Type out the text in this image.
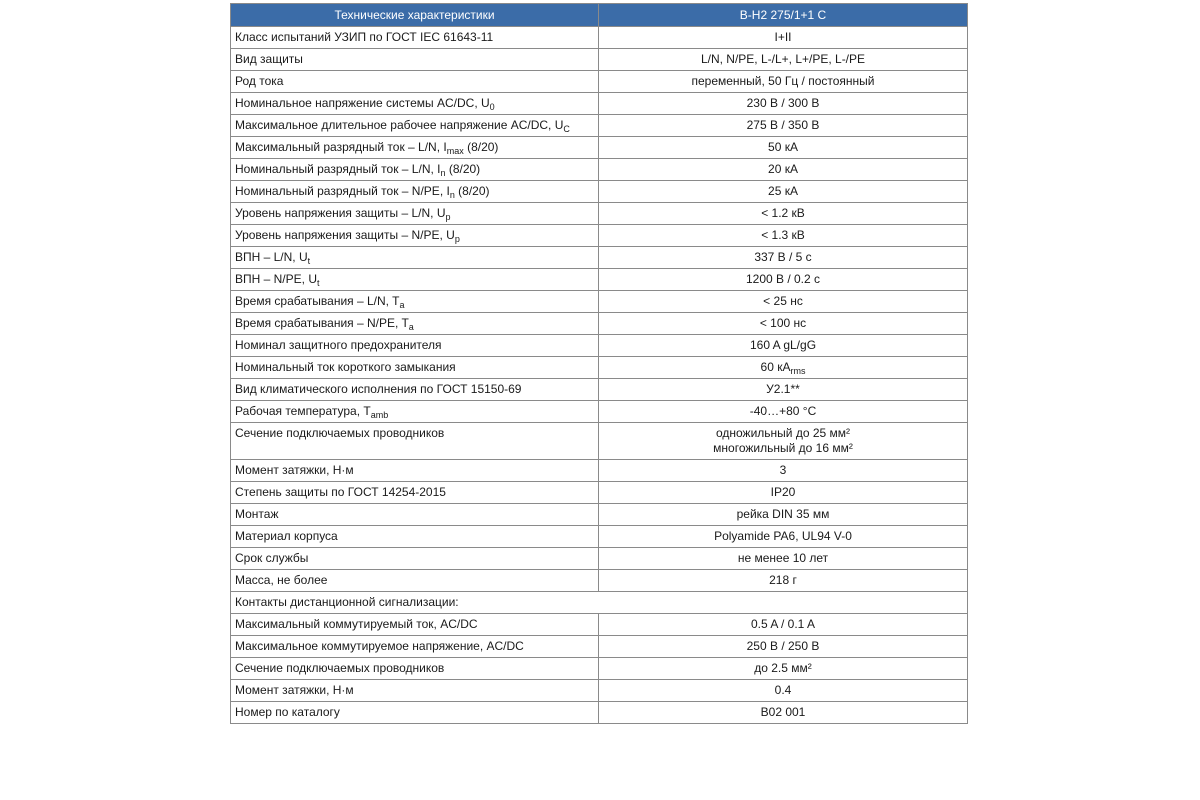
Технические характеристики	B-H2 275/1+1 C
Класс испытаний УЗИП по ГОСТ IEC 61643-11	I+II
Вид защиты	L/N, N/PE, L-/L+, L+/PE, L-/PE
Род тока	переменный, 50 Гц / постоянный
Номинальное напряжение системы AC/DC, $U_0$	230 В / 300 В
Максимальное длительное рабочее напряжение AC/DC, $U_C$	275 В / 350 В
Максимальный разрядный ток – L/N, $I_{max}$ (8/20)	50 кА
Номинальный разрядный ток – L/N, $I_n$ (8/20)	20 кА
Номинальный разрядный ток – N/PE, $I_n$ (8/20)	25 кА
Уровень напряжения защиты – L/N, $U_p$	< 1.2 кВ
Уровень напряжения защиты – N/PE, $U_p$	< 1.3 кВ
ВПН – L/N, $U_t$	337 В / 5 с
ВПН – N/PE, $U_t$	1200 В / 0.2 с
Время срабатывания – L/N, $T_a$	< 25 нс
Время срабатывания – N/PE, $T_a$	< 100 нс
Номинал защитного предохранителя	160 A gL/gG
Номинальный ток короткого замыкания	60 $кА_{rms}$
Вид климатического исполнения по ГОСТ 15150-69	У2.1**
Рабочая температура, $T_{amb}$	-40…+80 °C
Сечение подключаемых проводников	одножильный до 25 мм²
многожильный до 16 мм²

Момент затяжки, Н·м	3
Степень защиты по ГОСТ 14254-2015	IP20
Монтаж	рейка DIN 35 мм
Материал корпуса	Polyamide PA6, UL94 V-0
Срок службы	не менее 10 лет
Масса, не более	218 г
Контакты дистанционной сигнализации:	
Максимальный коммутируемый ток, AC/DC	0.5 A / 0.1 A
Максимальное коммутируемое напряжение, AC/DC	250 В / 250 В
Сечение подключаемых проводников	до 2.5 мм²
Момент затяжки, Н·м	0.4
Номер по каталогу	B02 001
